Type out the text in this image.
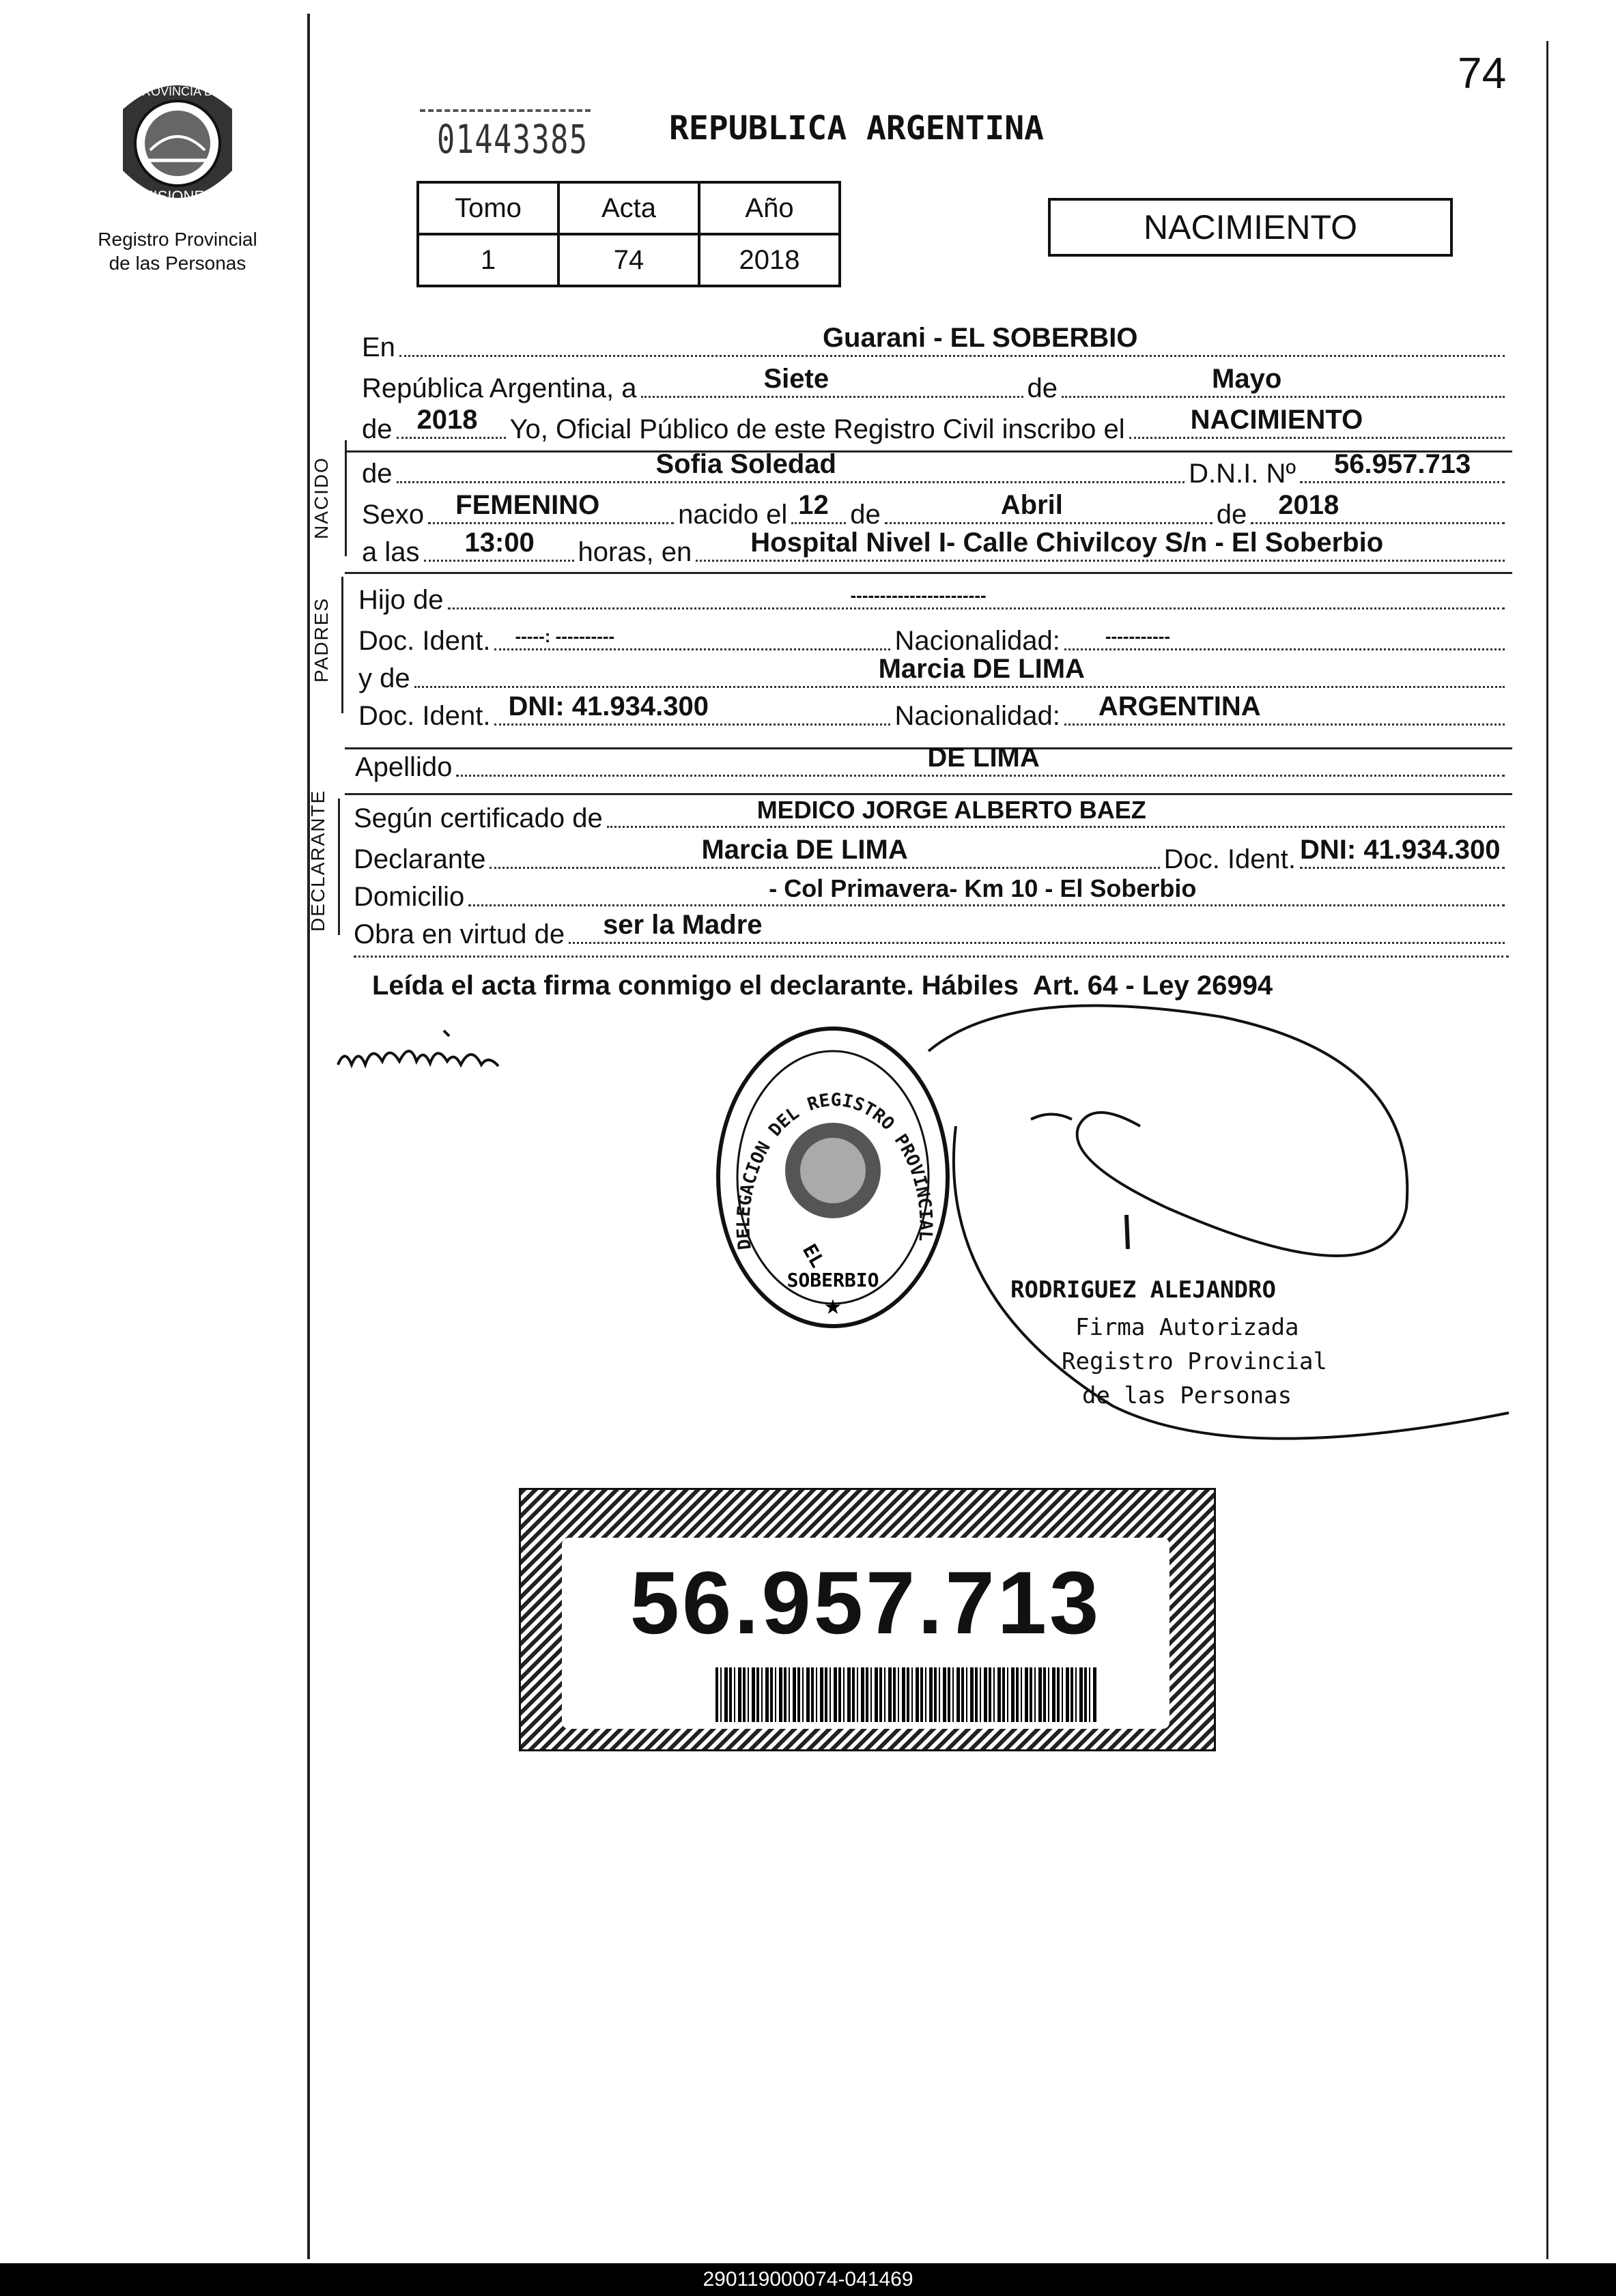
74
PROVINCIA DE
MISIONES
Registro Provincial
de las Personas
01443385 REPUBLICA ARGENTINA
Tomo	Acta	Año
1	74	2018
NACIMIENTO
En	Guarani - EL SOBERBIO
República Argentina, a	Siete	de	Mayo
de 2018 Yo, Oficial Público de este Registro Civil inscribo el NACIMIENTO
NACIDO de	Sofia Soledad	D.N.I. Nº 56.957.713
Sexo FEMENINO	nacido el 12 de	Abril	de 2018
a las 13:00 horas, en Hospital Nivel I- Calle Chivilcoy S/n - El Soberbio
PADRES Hijo de	-----------------------
Doc. Ident. -----: ----------	Nacionalidad:	-----------
y de	Marcia DE LIMA
Doc. Ident. DNI: 41.934.300	Nacionalidad: ARGENTINA
Apellido	DE LIMA
DECLARANTE Según certificado de	MEDICO JORGE ALBERTO BAEZ
Declarante	Marcia DE LIMA	Doc. Ident. DNI: 41.934.300
Domicilio	- Col Primavera- Km 10 - El Soberbio
Obra en virtud de ser la Madre
Leída el acta firma conmigo el declarante. Hábiles  Art. 64 - Ley 26994
DELEGACION DEL REGISTRO PROVINCIAL
EL
SOBERBIO
★
RODRIGUEZ ALEJANDRO
Firma Autorizada
Registro Provincial
de las Personas
56.957.713
290119000074-041469
